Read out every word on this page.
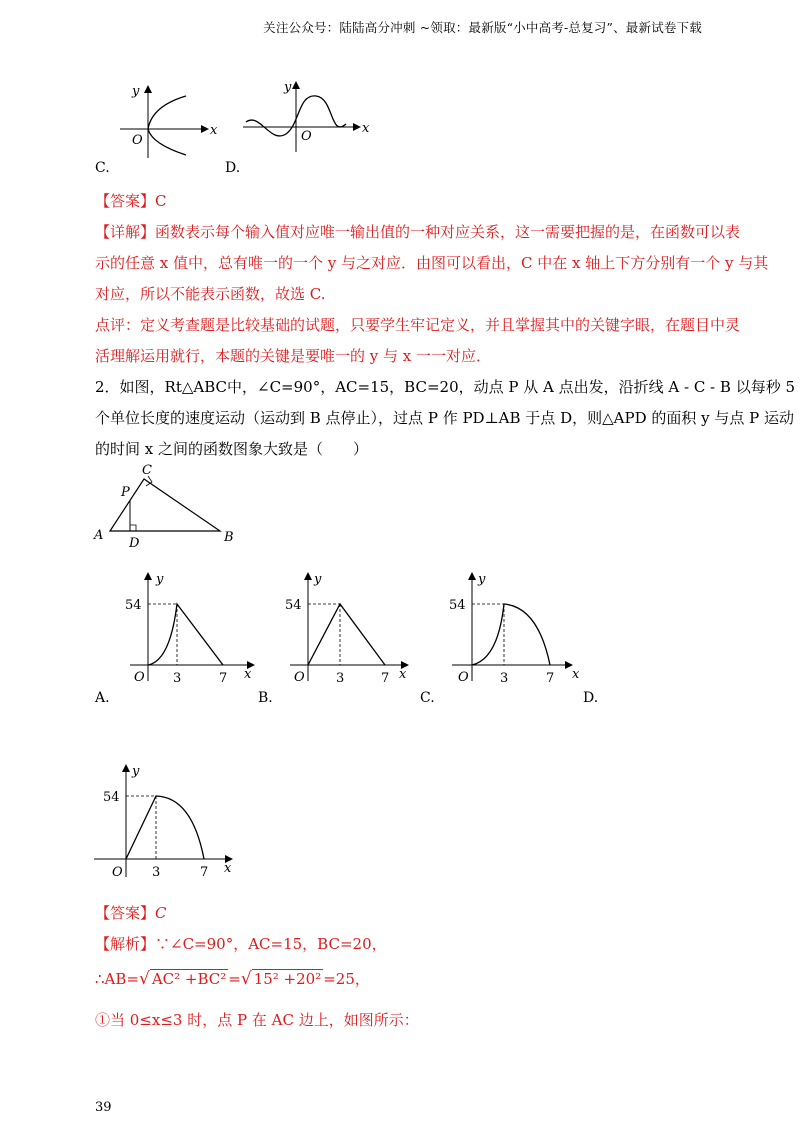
关注公众号：陆陆高分冲刺 ~领取：最新版“小中高考-总复习”、最新试卷下载
y
x
O
y
x
O
C.	D.
【答案】C
【详解】函数表示每个输入值对应唯一输出值的一种对应关系，这一需要把握的是，在函数可以表
示的任意 x 值中，总有唯一的一个 y 与之对应．由图可以看出，C 中在 x 轴上下方分别有一个 y 与其
对应，所以不能表示函数，故选 C.
点评：定义考查题是比较基础的试题，只要学生牢记定义，并且掌握其中的关键字眼，在题目中灵
活理解运用就行，本题的关键是要唯一的 y 与 x 一一对应．
2．如图，Rt△ABC中，∠C=90°，AC=15，BC=20，动点 P 从 A 点出发，沿折线 A - C - B 以每秒 5
个单位长度的速度运动（运动到 B 点停止），过点 P 作 PD⊥AB 于点 D，则△APD 的面积 y 与点 P 运动
的时间 x 之间的函数图象大致是（　　）
A	B
C
P
D
y
x
O
54
3	7
y
x
O
54
3	7
y
x
O
54
3	7
A.	B.	C.	D.
y
x
O
54
3	7
【答案】C
【解析】∵∠C=90°，AC=15，BC=20，
∴AB=√ AC² +BC² =√ 15² +20² =25，
①当 0≤x≤3 时，点 P 在 AC 边上，如图所示：
39
